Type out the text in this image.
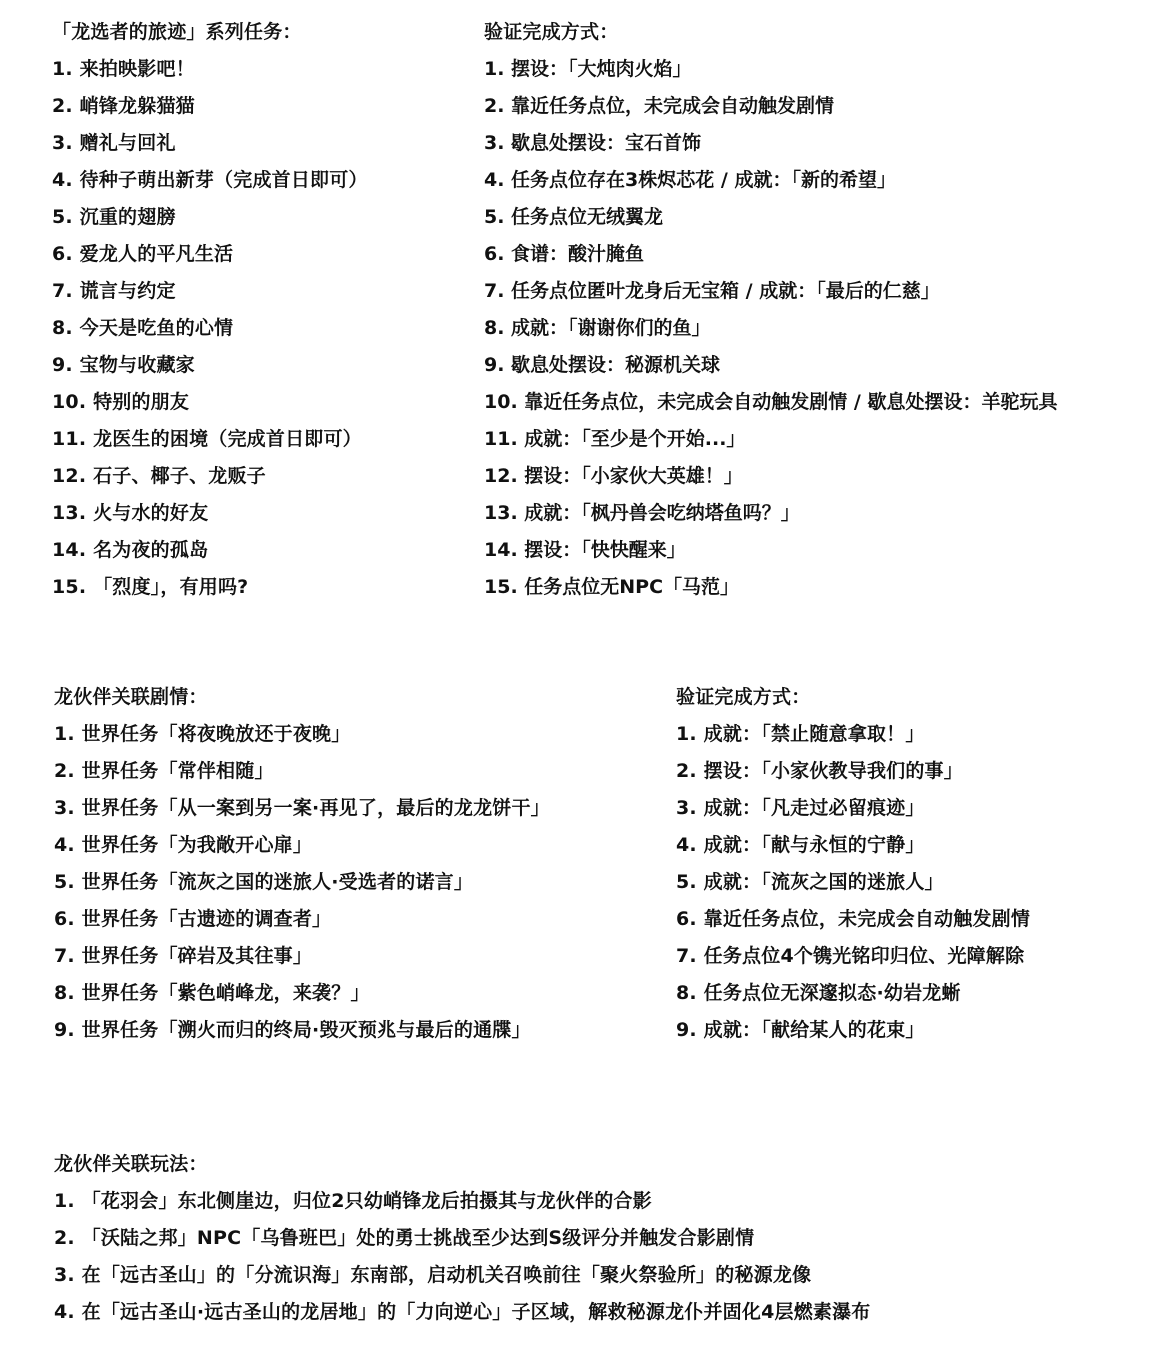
「龙选者的旅迹」系列任务：
1. 来拍映影吧！
2. 峭锋龙躲猫猫
3. 赠礼与回礼
4. 待种子萌出新芽（完成首日即可）
5. 沉重的翅膀
6. 爱龙人的平凡生活
7. 谎言与约定
8. 今天是吃鱼的心情
9. 宝物与收藏家
10. 特别的朋友
11. 龙医生的困境（完成首日即可）
12. 石子、椰子、龙贩子
13. 火与水的好友
14. 名为夜的孤岛
15. 「烈度」，有用吗?
验证完成方式：
1. 摆设：「大炖肉火焰」
2. 靠近任务点位，未完成会自动触发剧情
3. 歇息处摆设：宝石首饰
4. 任务点位存在3株烬芯花 / 成就：「新的希望」
5. 任务点位无绒翼龙
6. 食谱：酸汁腌鱼
7. 任务点位匿叶龙身后无宝箱 / 成就：「最后的仁慈」
8. 成就：「谢谢你们的鱼」
9. 歇息处摆设：秘源机关球
10. 靠近任务点位，未完成会自动触发剧情 / 歇息处摆设：羊驼玩具
11. 成就：「至少是个开始...」
12. 摆设：「小家伙大英雄！」
13. 成就：「枫丹兽会吃纳塔鱼吗？」
14. 摆设：「快快醒来」
15. 任务点位无NPC「马范」
龙伙伴关联剧情：
1. 世界任务「将夜晚放还于夜晚」
2. 世界任务「常伴相随」
3. 世界任务「从一案到另一案·再见了，最后的龙龙饼干」
4. 世界任务「为我敞开心扉」
5. 世界任务「流灰之国的迷旅人·受选者的诺言」
6. 世界任务「古遗迹的调查者」
7. 世界任务「碎岩及其往事」
8. 世界任务「紫色峭峰龙，来袭？」
9. 世界任务「溯火而归的终局·毁灭预兆与最后的通牒」
验证完成方式：
1. 成就：「禁止随意拿取！」
2. 摆设：「小家伙教导我们的事」
3. 成就：「凡走过必留痕迹」
4. 成就：「献与永恒的宁静」
5. 成就：「流灰之国的迷旅人」
6. 靠近任务点位，未完成会自动触发剧情
7. 任务点位4个镌光铭印归位、光障解除
8. 任务点位无深邃拟态·幼岩龙蜥
9. 成就：「献给某人的花束」
龙伙伴关联玩法：
1. 「花羽会」东北侧崖边，归位2只幼峭锋龙后拍摄其与龙伙伴的合影
2. 「沃陆之邦」NPC「乌鲁班巴」处的勇士挑战至少达到S级评分并触发合影剧情
3. 在「远古圣山」的「分流识海」东南部，启动机关召唤前往「聚火祭验所」的秘源龙像
4. 在「远古圣山·远古圣山的龙居地」的「力向逆心」子区域，解救秘源龙仆并固化4层燃素瀑布
